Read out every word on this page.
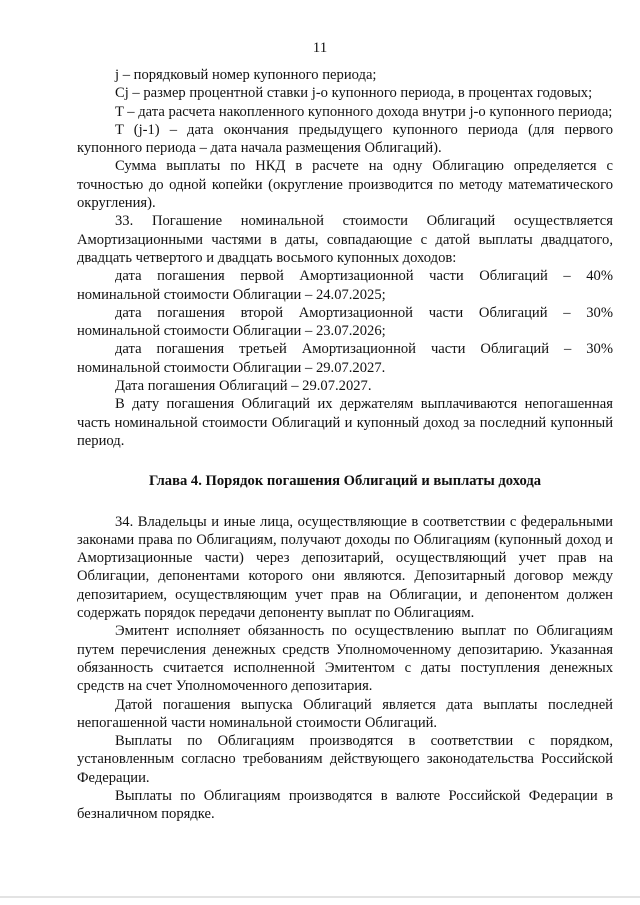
11

j – порядковый номер купонного периода;

Cj – размер процентной ставки j-о купонного периода, в процентах годовых;

T – дата расчета накопленного купонного дохода внутри j-о купонного периода;

T (j-1) – дата окончания предыдущего купонного периода (для первого купонного периода – дата начала размещения Облигаций).

Сумма выплаты по НКД в расчете на одну Облигацию определяется с точностью до одной копейки (округление производится по методу математического округления).

33. Погашение номинальной стоимости Облигаций осуществляется Амортизационными частями в даты, совпадающие с датой выплаты двадцатого, двадцать четвертого и двадцать восьмого купонных доходов:

дата погашения первой Амортизационной части Облигаций – 40% номинальной стоимости Облигации – 24.07.2025;

дата погашения второй Амортизационной части Облигаций – 30% номинальной стоимости Облигации – 23.07.2026;

дата погашения третьей Амортизационной части Облигаций – 30% номинальной стоимости Облигации – 29.07.2027.

Дата погашения Облигаций – 29.07.2027.

В дату погашения Облигаций их держателям выплачиваются непогашенная часть номинальной стоимости Облигаций и купонный доход за последний купонный период.

Глава 4. Порядок погашения Облигаций и выплаты дохода

34. Владельцы и иные лица, осуществляющие в соответствии с федеральными законами права по Облигациям, получают доходы по Облигациям (купонный доход и Амортизационные части) через депозитарий, осуществляющий учет прав на Облигации, депонентами которого они являются. Депозитарный договор между депозитарием, осуществляющим учет прав на Облигации, и депонентом должен содержать порядок передачи депоненту выплат по Облигациям.

Эмитент исполняет обязанность по осуществлению выплат по Облигациям путем перечисления денежных средств Уполномоченному депозитарию. Указанная обязанность считается исполненной Эмитентом с даты поступления денежных средств на счет Уполномоченного депозитария.

Датой погашения выпуска Облигаций является дата выплаты последней непогашенной части номинальной стоимости Облигаций.

Выплаты по Облигациям производятся в соответствии с порядком, установленным согласно требованиям действующего законодательства Российской Федерации.

Выплаты по Облигациям производятся в валюте Российской Федерации в безналичном порядке.
